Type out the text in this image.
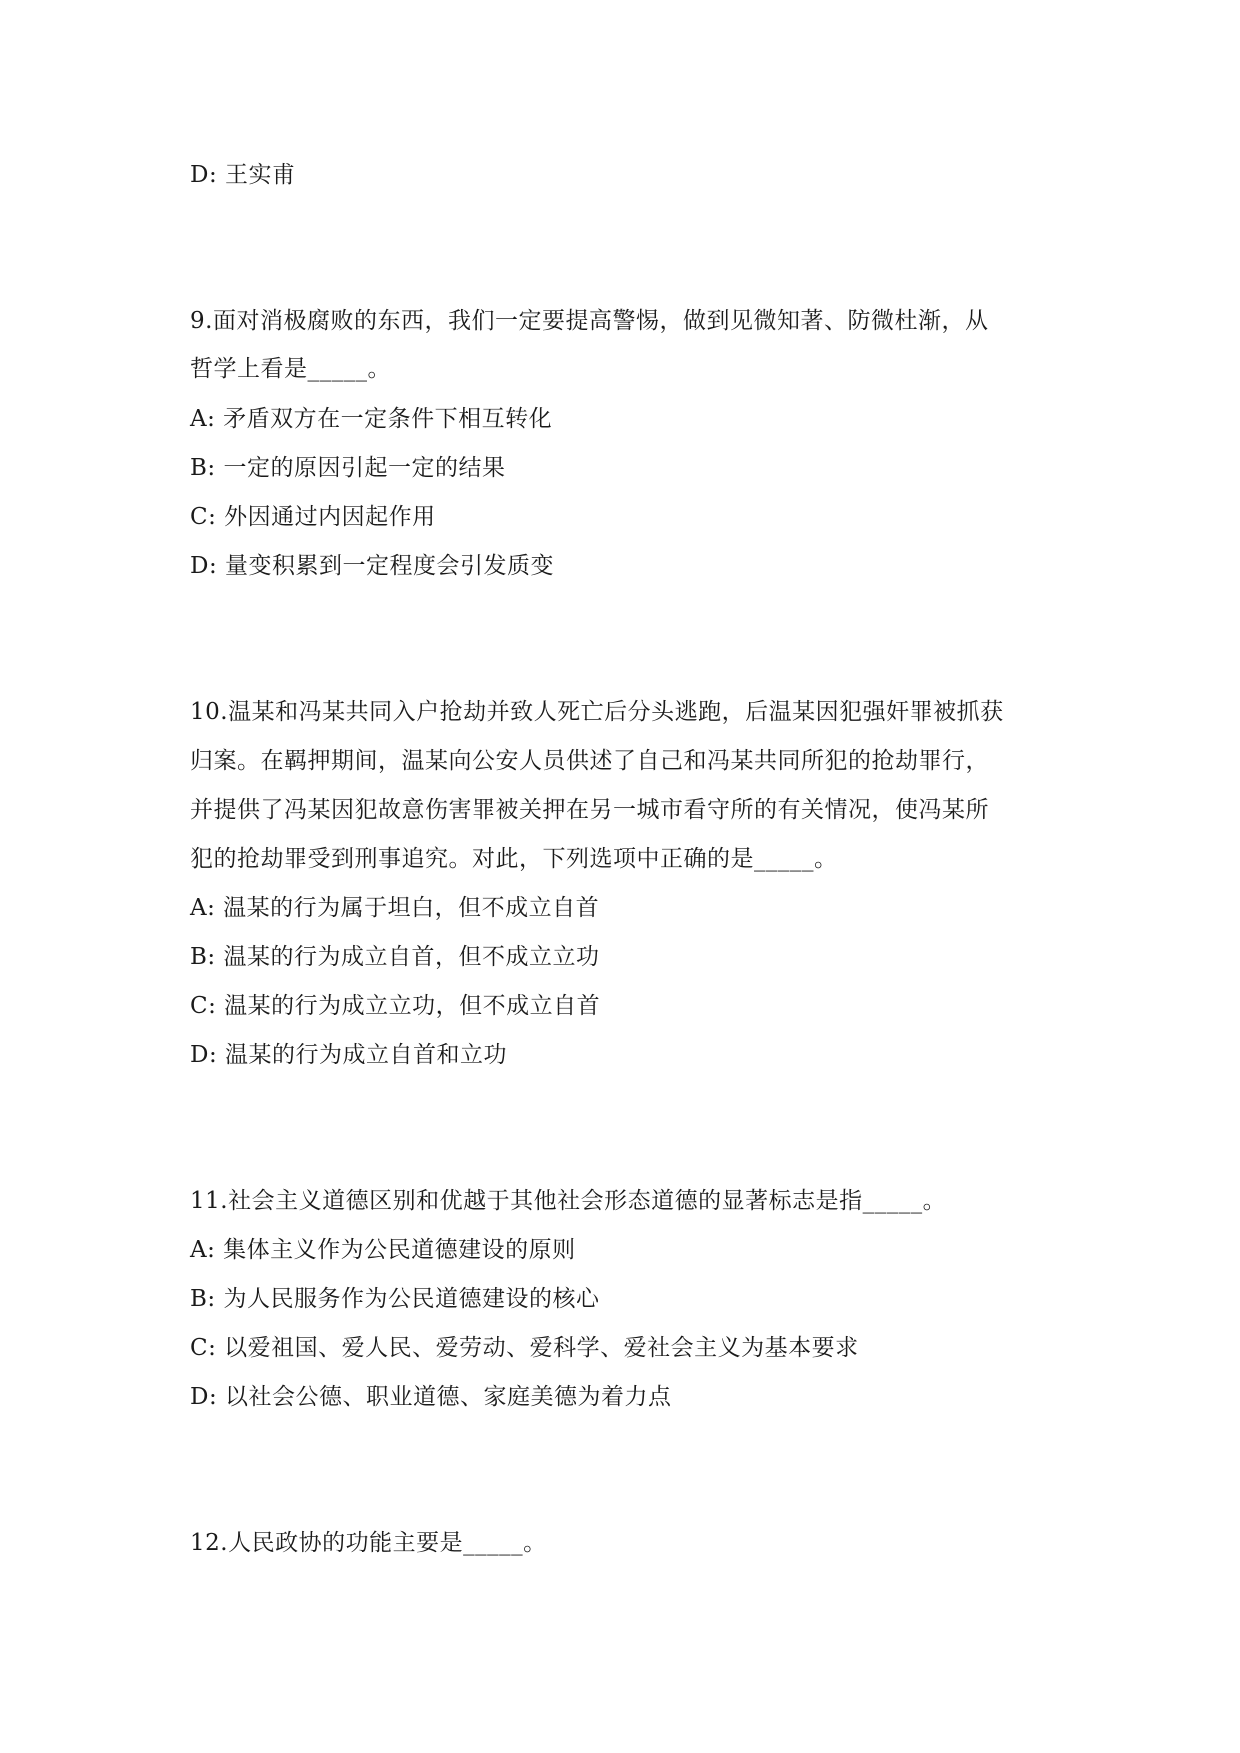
D: 王实甫
9.面对消极腐败的东西，我们一定要提高警惕，做到见微知著、防微杜渐，从
哲学上看是_____。
A: 矛盾双方在一定条件下相互转化
B: 一定的原因引起一定的结果
C: 外因通过内因起作用
D: 量变积累到一定程度会引发质变
10.温某和冯某共同入户抢劫并致人死亡后分头逃跑，后温某因犯强奸罪被抓获
归案。在羁押期间，温某向公安人员供述了自己和冯某共同所犯的抢劫罪行，
并提供了冯某因犯故意伤害罪被关押在另一城市看守所的有关情况，使冯某所
犯的抢劫罪受到刑事追究。对此，下列选项中正确的是_____。
A: 温某的行为属于坦白，但不成立自首
B: 温某的行为成立自首，但不成立立功
C: 温某的行为成立立功，但不成立自首
D: 温某的行为成立自首和立功
11.社会主义道德区别和优越于其他社会形态道德的显著标志是指_____。
A: 集体主义作为公民道德建设的原则
B: 为人民服务作为公民道德建设的核心
C: 以爱祖国、爱人民、爱劳动、爱科学、爱社会主义为基本要求
D: 以社会公德、职业道德、家庭美德为着力点
12.人民政协的功能主要是_____。
